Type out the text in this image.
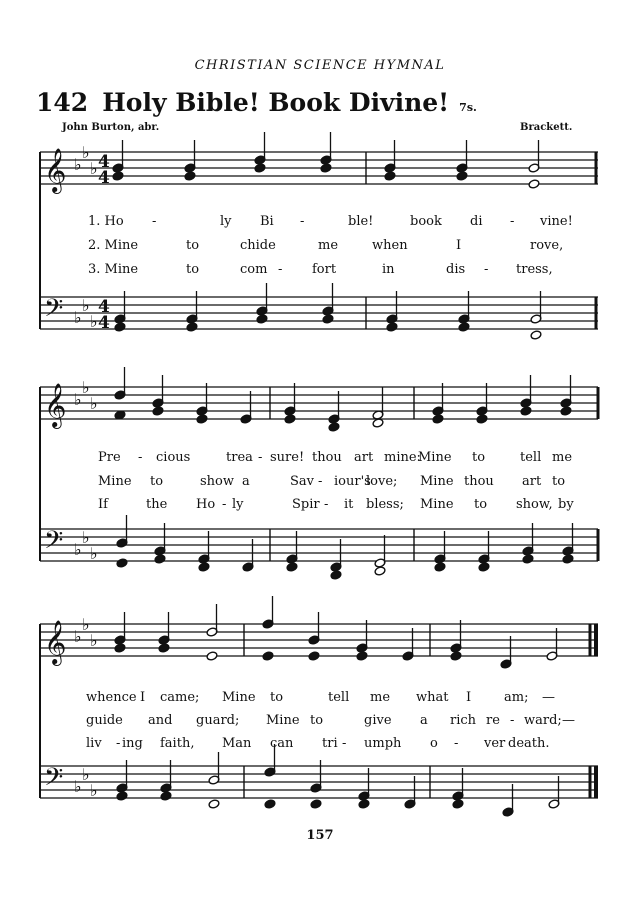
CHRISTIAN SCIENCE HYMNAL
142 Holy Bible! Book Divine! 7s.
John Burton, abr.	Brackett.
𝄞
𝄢
♭
♭
♭
♭
♭
♭
4
4
4
4
𝄞
𝄢
♭
♭
♭
♭
♭
♭
𝄞
𝄢
♭
♭
♭
♭
♭
♭
1. Ho -	ly Bi -	ble!	book di - vine!
2. Mine	to	chide	me	when	I	rove,
3. Mine	to	com - fort	in	dis - tress,
Pre - cious	trea - sure! thou art mine:
Mine to	tell me
Mine to	show a	Sav - iour's
love; Mine thou art to
If	the Ho - ly	Spir - it bless; Mine to show, by
whence I came; Mine to	tell me what I	am; —
guide and guard; Mine to	give a rich re - ward; —
liv - ing faith, Man can tri - umph o - ver death.
157
